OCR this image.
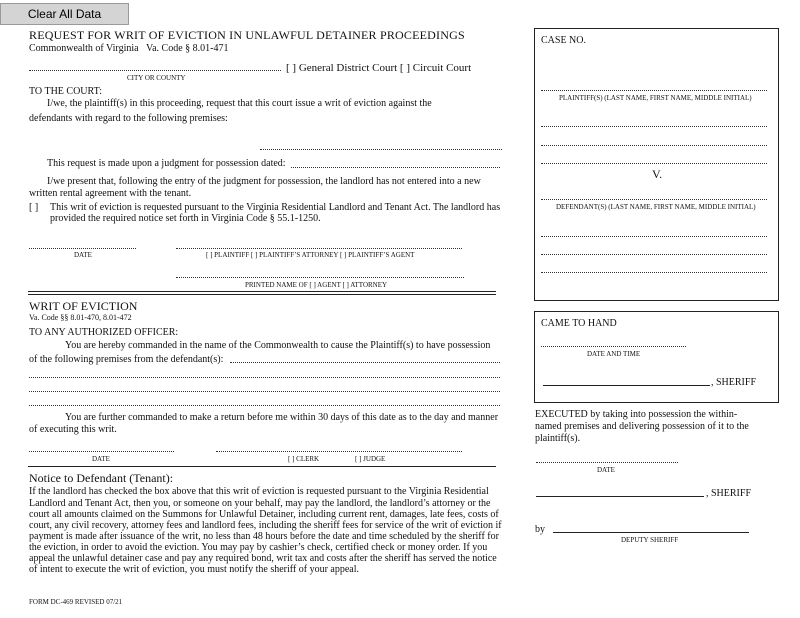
Clear All Data
REQUEST FOR WRIT OF EVICTION IN UNLAWFUL DETAINER PROCEEDINGS
Commonwealth of Virginia Va. Code § 8.01-471
[ ] General District Court [ ] Circuit Court
CITY OR COUNTY
TO THE COURT:
I/we, the plaintiff(s) in this proceeding, request that this court issue a writ of eviction against the
defendants with regard to the following premises:
This request is made upon a judgment for possession dated:
I/we present that, following the entry of the judgment for possession, the landlord has not entered into a new
written rental agreement with the tenant.
[ ] This writ of eviction is requested pursuant to the Virginia Residential Landlord and Tenant Act. The landlord has
provided the required notice set forth in Virginia Code § 55.1-1250.
DATE	[ ] PLAINTIFF [ ] PLAINTIFF’S ATTORNEY [ ] PLAINTIFF’S AGENT
PRINTED NAME OF [ ] AGENT [ ] ATTORNEY
WRIT OF EVICTION
Va. Code §§ 8.01-470, 8.01-472
TO ANY AUTHORIZED OFFICER:
You are hereby commanded in the name of the Commonwealth to cause the Plaintiff(s) to have possession
of the following premises from the defendant(s):
You are further commanded to make a return before me within 30 days of this date as to the day and manner
of executing this writ.
DATE	[ ] CLERK	[ ] JUDGE
Notice to Defendant (Tenant):
If the landlord has checked the box above that this writ of eviction is requested pursuant to the Virginia Residential
Landlord and Tenant Act, then you, or someone on your behalf, may pay the landlord, the landlord’s attorney or the
court all amounts claimed on the Summons for Unlawful Detainer, including current rent, damages, late fees, costs of
court, any civil recovery, attorney fees and landlord fees, including the sheriff fees for service of the writ of eviction if
payment is made after issuance of the writ, no less than 48 hours before the date and time scheduled by the sheriff for
the eviction, in order to avoid the eviction. You may pay by cashier’s check, certified check or money order. If you
appeal the unlawful detainer case and pay any required bond, writ tax and costs after the sheriff has served the notice
of intent to execute the writ of eviction, you must notify the sheriff of your appeal.
FORM DC-469 REVISED 07/21
CASE NO.
PLAINTIFF(S) (LAST NAME, FIRST NAME, MIDDLE INITIAL)
V.
DEFENDANT(S) (LAST NAME, FIRST NAME, MIDDLE INITIAL)
CAME TO HAND
DATE AND TIME
, SHERIFF
EXECUTED by taking into possession the within-
named premises and delivering possession of it to the
plaintiff(s).
DATE
, SHERIFF
by
DEPUTY SHERIFF
